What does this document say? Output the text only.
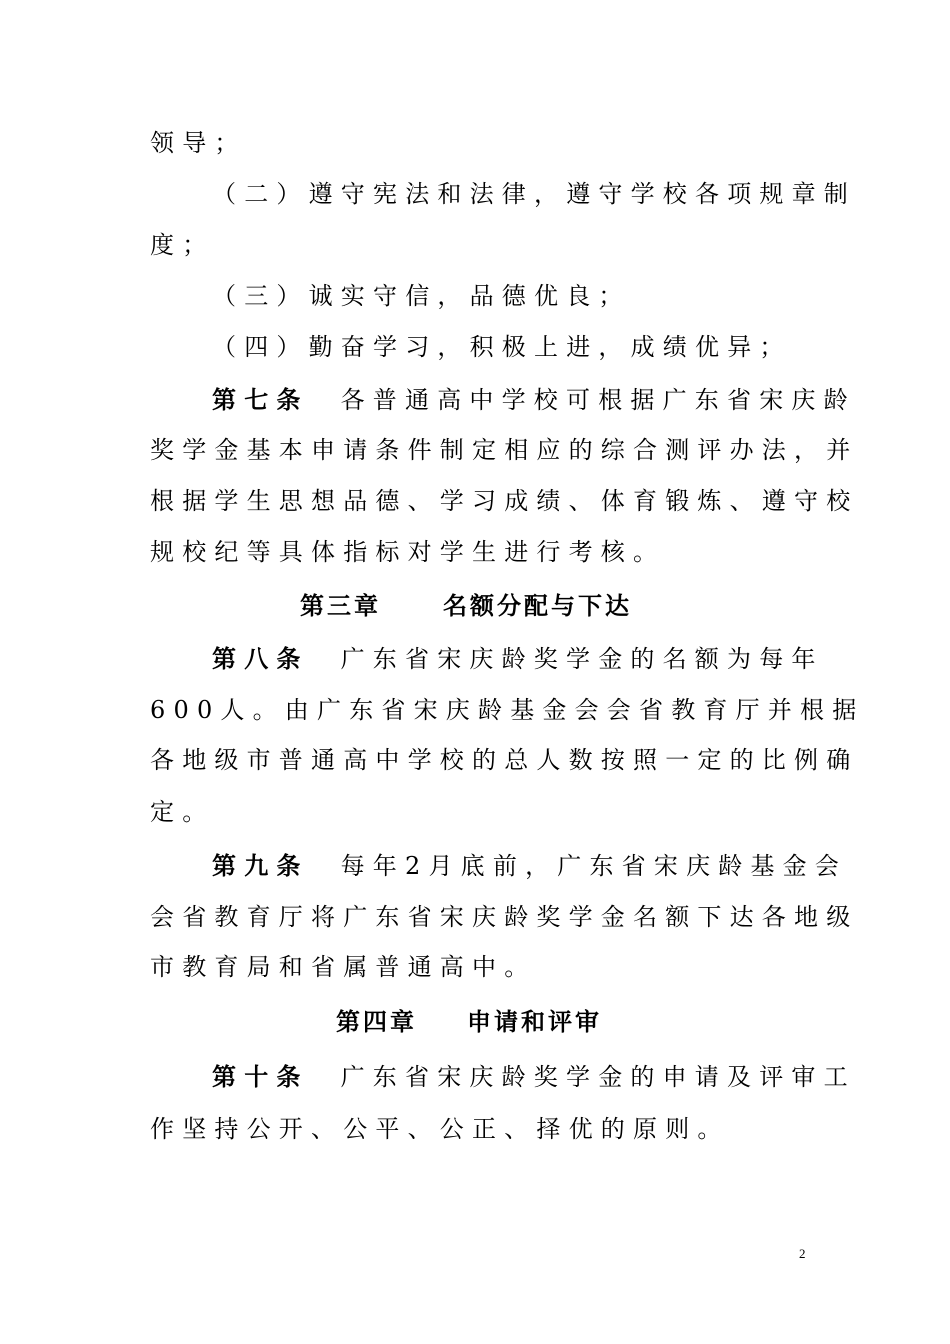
领导；
（二）遵守宪法和法律，遵守学校各项规章制
度；
（三）诚实守信，品德优良；
（四）勤奋学习，积极上进，成绩优异；
第七条 各普通高中学校可根据广东省宋庆龄
奖学金基本申请条件制定相应的综合测评办法，并
根据学生思想品德、学习成绩、体育锻炼、遵守校
规校纪等具体指标对学生进行考核。
第三章	名额分配与下达
第八条 广东省宋庆龄奖学金的名额为每年
600人。由广东省宋庆龄基金会会省教育厅并根据
各地级市普通高中学校的总人数按照一定的比例确
定。
第九条 每年2月底前，广东省宋庆龄基金会
会省教育厅将广东省宋庆龄奖学金名额下达各地级
市教育局和省属普通高中。
第四章 申请和评审
第十条 广东省宋庆龄奖学金的申请及评审工
作坚持公开、公平、公正、择优的原则。
2
